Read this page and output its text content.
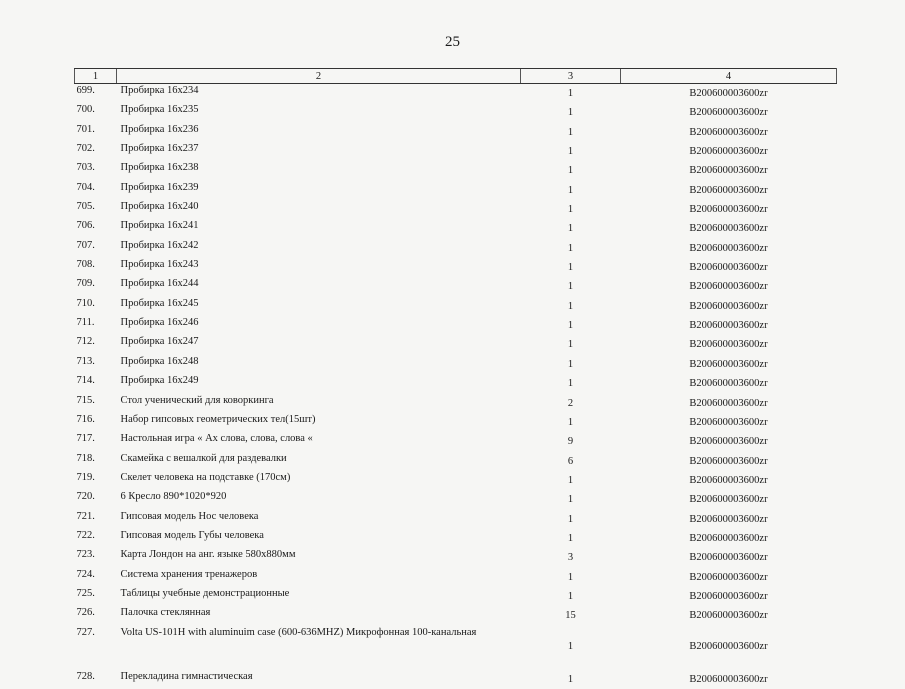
25
1	2	3	4
699.	Пробирка 16x234	1	B200600003600zr
700.	Пробирка 16x235	1	B200600003600zr
701.	Пробирка 16x236	1	B200600003600zr
702.	Пробирка 16x237	1	B200600003600zr
703.	Пробирка 16x238	1	B200600003600zr
704.	Пробирка 16x239	1	B200600003600zr
705.	Пробирка 16x240	1	B200600003600zr
706.	Пробирка 16x241	1	B200600003600zr
707.	Пробирка 16x242	1	B200600003600zr
708.	Пробирка 16x243	1	B200600003600zr
709.	Пробирка 16x244	1	B200600003600zr
710.	Пробирка 16x245	1	B200600003600zr
711.	Пробирка 16x246	1	B200600003600zr
712.	Пробирка 16x247	1	B200600003600zr
713.	Пробирка 16x248	1	B200600003600zr
714.	Пробирка 16x249	1	B200600003600zr
715.	Стол ученический для коворкинга	2	B200600003600zr
716.	Набор гипсовых геометрических тел(15шт)	1	B200600003600zr
717.	Настольная игра « Ах слова, слова, слова «	9	B200600003600zr
718.	Скамейка с вешалкой для раздевалки	6	B200600003600zr
719.	Скелет человека на подставке (170см)	1	B200600003600zr
720.	6 Кресло 890*1020*920	1	B200600003600zr
721.	Гипсовая модель Нос человека	1	B200600003600zr
722.	Гипсовая модель Губы человека	1	B200600003600zr
723.	Карта Лондон на анг. языке 580x880мм	3	B200600003600zr
724.	Система хранения тренажеров	1	B200600003600zr
725.	Таблицы учебные демонстрационные	1	B200600003600zr
726.	Палочка стеклянная	15	B200600003600zr
727.	Volta US-101H with aluminuim case (600-636MHZ) Микрофонная 100-канальная	1	B200600003600zr
728.	Перекладина гимнастическая	1	B200600003600zr
